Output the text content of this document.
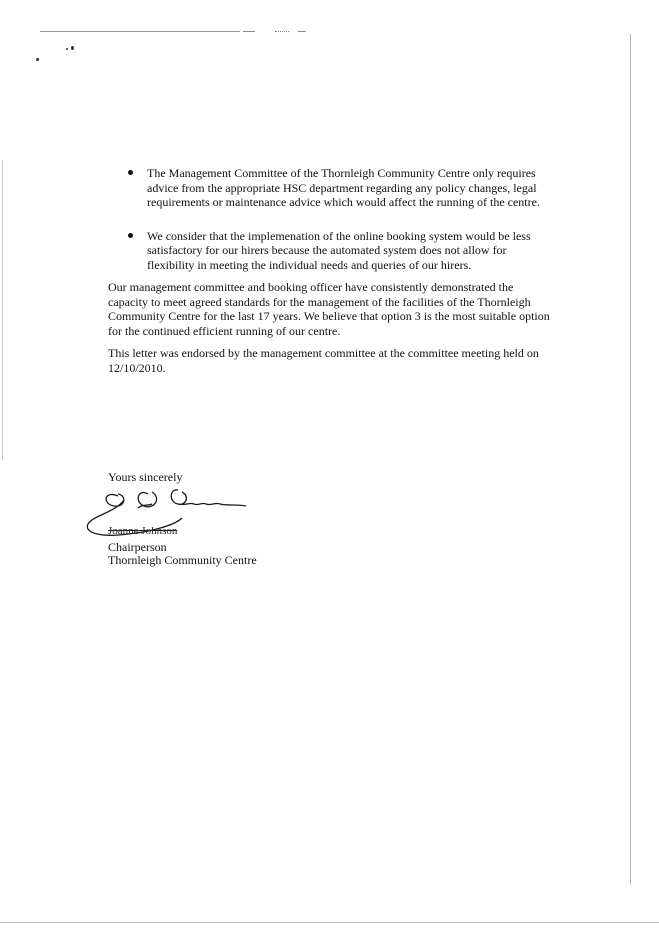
The Management Committee of the Thornleigh Community Centre only requires advice from the appropriate HSC department regarding any policy changes, legal requirements or maintenance advice which would affect the running of the centre.
We consider that the implemenation of the online booking system would be less satisfactory for our hirers because the automated system does not allow for flexibility in meeting the individual needs and queries of our hirers.

Our management committee and booking officer have consistently demonstrated the capacity to meet agreed standards for the management of the facilities of the Thornleigh Community Centre for the last 17 years. We believe that option 3 is the most suitable option for the continued efficient running of our centre.

This letter was endorsed by the management committee at the committee meeting held on 12/10/2010.

Yours sincerely
Joanne Johnson
Chairperson
Thornleigh Community Centre
